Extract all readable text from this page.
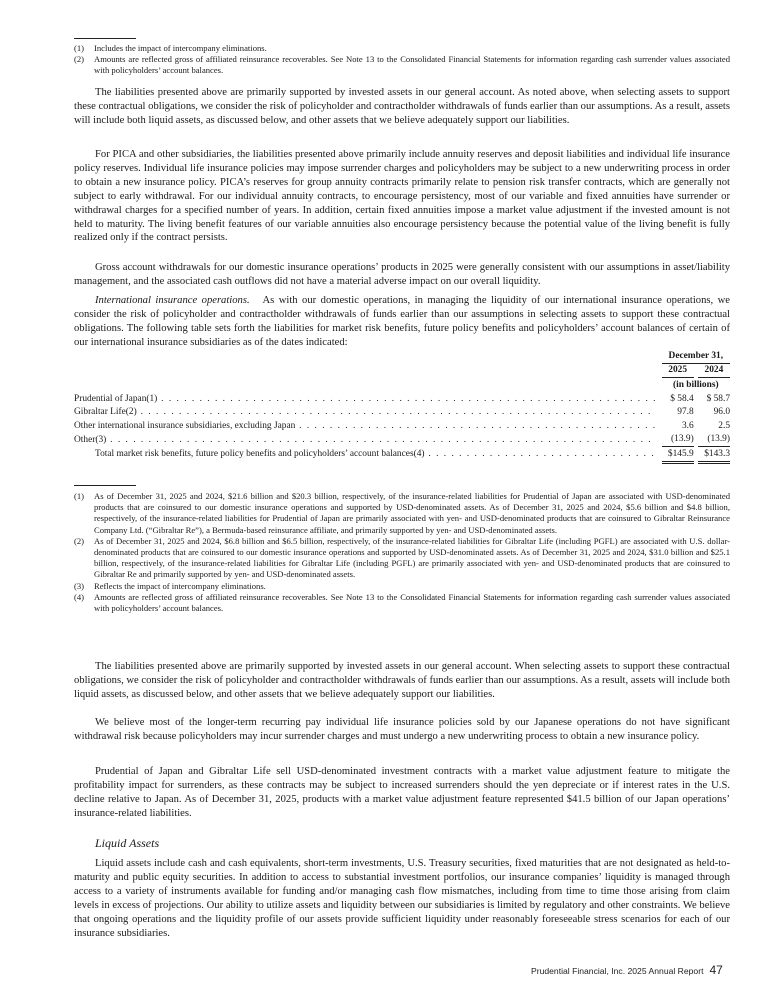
(1)	Includes the impact of intercompany eliminations.
(2)	Amounts are reflected gross of affiliated reinsurance recoverables. See Note 13 to the Consolidated Financial Statements for information regarding cash surrender values associated with policyholders’ account balances.

The liabilities presented above are primarily supported by invested assets in our general account. As noted above, when selecting assets to support these contractual obligations, we consider the risk of policyholder and contractholder withdrawals of funds earlier than our assumptions. As a result, assets will include both liquid assets, as discussed below, and other assets that we believe adequately support our liabilities.

For PICA and other subsidiaries, the liabilities presented above primarily include annuity reserves and deposit liabilities and individual life insurance policy reserves. Individual life insurance policies may impose surrender charges and policyholders may be subject to a new underwriting process in order to obtain a new insurance policy. PICA’s reserves for group annuity contracts primarily relate to pension risk transfer contracts, which are generally not subject to early withdrawal. For our individual annuity contracts, to encourage persistency, most of our variable and fixed annuities have surrender or withdrawal charges for a specified number of years. In addition, certain fixed annuities impose a market value adjustment if the invested amount is not held to maturity. The living benefit features of our variable annuities also encourage persistency because the potential value of the living benefit is fully realized only if the contract persists.

Gross account withdrawals for our domestic insurance operations’ products in 2025 were generally consistent with our assumptions in asset/liability management, and the associated cash outflows did not have a material adverse impact on our overall liquidity.

International insurance operations. As with our domestic operations, in managing the liquidity of our international insurance operations, we consider the risk of policyholder and contractholder withdrawals of funds earlier than our assumptions in selecting assets to support these contractual obligations. The following table sets forth the liabilities for market risk benefits, future policy benefits and policyholders’ account balances of certain of our international insurance subsidiaries as of the dates indicated:

		December 31,		
		2025		2024
		(in billions)		
Prudential of Japan(1) . . .		$ 58.4		$ 58.7
Gibraltar Life(2) . . .		97.8		96.0
Other international insurance subsidiaries, excluding Japan . . .		3.6		2.5
Other(3) . . .		(13.9)		(13.9)
Total market risk benefits, future policy benefits and policyholders’ account balances(4) . . .		$145.9		$143.3
(1)	As of December 31, 2025 and 2024, $21.6 billion and $20.3 billion, respectively, of the insurance-related liabilities for Prudential of Japan are associated with USD-denominated products that are coinsured to our domestic insurance operations and supported by USD-denominated assets. As of December 31, 2025 and 2024, $5.6 billion and $4.8 billion, respectively, of the insurance-related liabilities for Prudential of Japan are primarily associated with yen- and USD-denominated products that are coinsured to Gibraltar Reinsurance Company Ltd. (“Gibraltar Re”), a Bermuda-based reinsurance affiliate, and primarily supported by yen- and USD-denominated assets.
(2)	As of December 31, 2025 and 2024, $6.8 billion and $6.5 billion, respectively, of the insurance-related liabilities for Gibraltar Life (including PGFL) are associated with U.S. dollar-denominated products that are coinsured to our domestic insurance operations and supported by USD-denominated assets. As of December 31, 2025 and 2024, $31.0 billion and $25.1 billion, respectively, of the insurance-related liabilities for Gibraltar Life (including PGFL) are primarily associated with yen- and USD-denominated products that are coinsured to Gibraltar Re and primarily supported by yen- and USD-denominated assets.
(3)	Reflects the impact of intercompany eliminations.
(4)	Amounts are reflected gross of affiliated reinsurance recoverables. See Note 13 to the Consolidated Financial Statements for information regarding cash surrender values associated with policyholders’ account balances.

The liabilities presented above are primarily supported by invested assets in our general account. When selecting assets to support these contractual obligations, we consider the risk of policyholder and contractholder withdrawals of funds earlier than our assumptions. As a result, assets will include both liquid assets, as discussed below, and other assets that we believe adequately support our liabilities.

We believe most of the longer-term recurring pay individual life insurance policies sold by our Japanese operations do not have significant withdrawal risk because policyholders may incur surrender charges and must undergo a new underwriting process to obtain a new insurance policy.

Prudential of Japan and Gibraltar Life sell USD-denominated investment contracts with a market value adjustment feature to mitigate the profitability impact for surrenders, as these contracts may be subject to increased surrenders should the yen depreciate or if interest rates in the U.S. decline relative to Japan. As of December 31, 2025, products with a market value adjustment feature represented $41.5 billion of our Japan operations’ insurance-related liabilities.

Liquid Assets

Liquid assets include cash and cash equivalents, short-term investments, U.S. Treasury securities, fixed maturities that are not designated as held-to-maturity and public equity securities. In addition to access to substantial investment portfolios, our insurance companies’ liquidity is managed through access to a variety of instruments available for funding and/or managing cash flow mismatches, including from time to time those arising from claim levels in excess of projections. Our ability to utilize assets and liquidity between our subsidiaries is limited by regulatory and other constraints. We believe that ongoing operations and the liquidity profile of our assets provide sufficient liquidity under reasonably foreseeable stress scenarios for each of our insurance subsidiaries.

Prudential Financial, Inc. 2025 Annual Report 47
